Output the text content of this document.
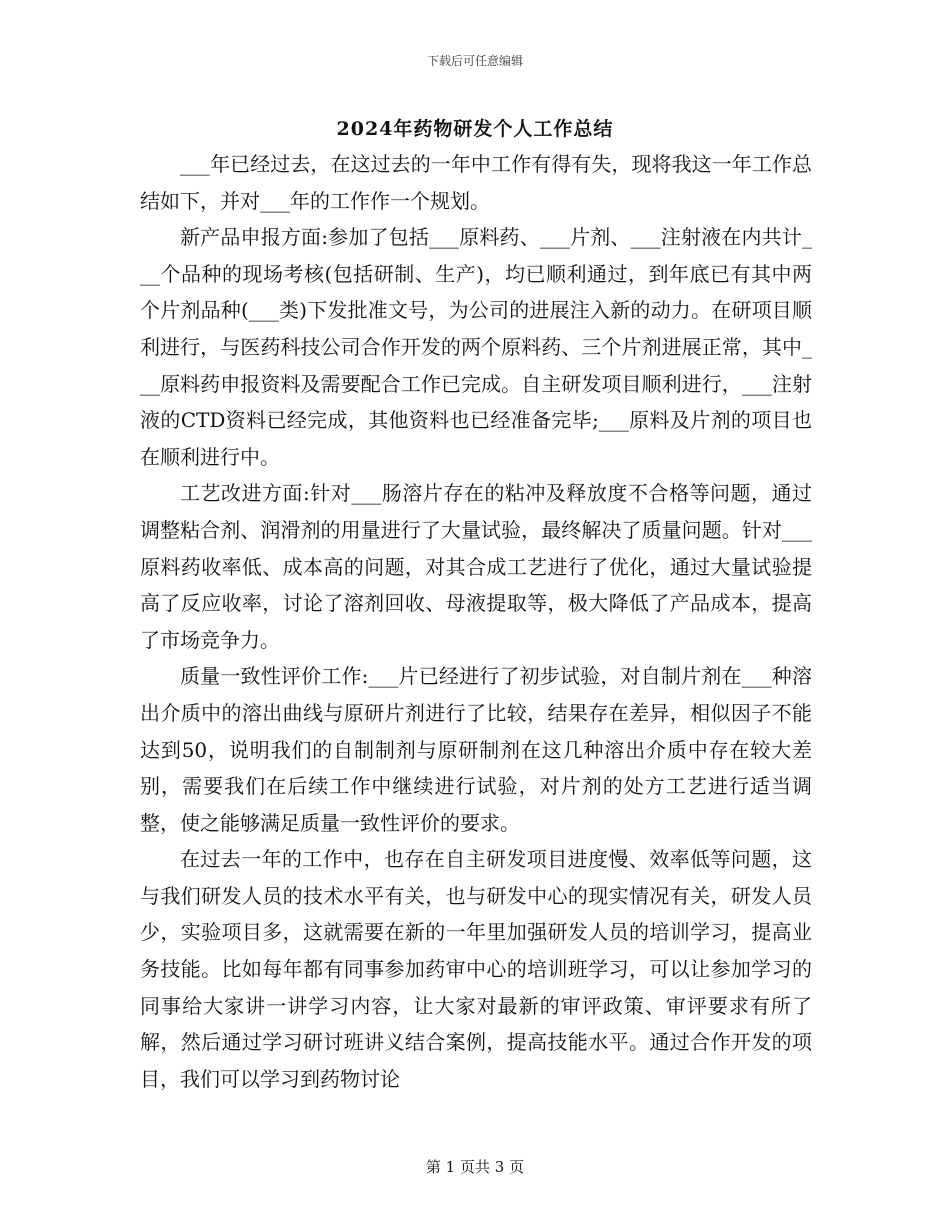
下载后可任意编辑
2024年药物研发个人工作总结

___年已经过去，在这过去的一年中工作有得有失，现将我这一年工作总结如下，并对___年的工作作一个规划。

新产品申报方面:参加了包括___原料药、___片剂、___注射液在内共计___个品种的现场考核(包括研制、生产)，均已顺利通过，到年底已有其中两个片剂品种(___类)下发批准文号，为公司的进展注入新的动力。在研项目顺利进行，与医药科技公司合作开发的两个原料药、三个片剂进展正常，其中___原料药申报资料及需要配合工作已完成。自主研发项目顺利进行，___注射液的CTD资料已经完成，其他资料也已经准备完毕;___原料及片剂的项目也在顺利进行中。

工艺改进方面:针对___肠溶片存在的粘冲及释放度不合格等问题，通过调整粘合剂、润滑剂的用量进行了大量试验，最终解决了质量问题。针对___原料药收率低、成本高的问题，对其合成工艺进行了优化，通过大量试验提高了反应收率，讨论了溶剂回收、母液提取等，极大降低了产品成本，提高了市场竞争力。

质量一致性评价工作:___片已经进行了初步试验，对自制片剂在___种溶出介质中的溶出曲线与原研片剂进行了比较，结果存在差异，相似因子不能达到50，说明我们的自制制剂与原研制剂在这几种溶出介质中存在较大差别，需要我们在后续工作中继续进行试验，对片剂的处方工艺进行适当调整，使之能够满足质量一致性评价的要求。

在过去一年的工作中，也存在自主研发项目进度慢、效率低等问题，这与我们研发人员的技术水平有关，也与研发中心的现实情况有关，研发人员少，实验项目多，这就需要在新的一年里加强研发人员的培训学习，提高业务技能。比如每年都有同事参加药审中心的培训班学习，可以让参加学习的同事给大家讲一讲学习内容，让大家对最新的审评政策、审评要求有所了解，然后通过学习研讨班讲义结合案例，提高技能水平。通过合作开发的项目，我们可以学习到药物讨论

第 1 页共 3 页
